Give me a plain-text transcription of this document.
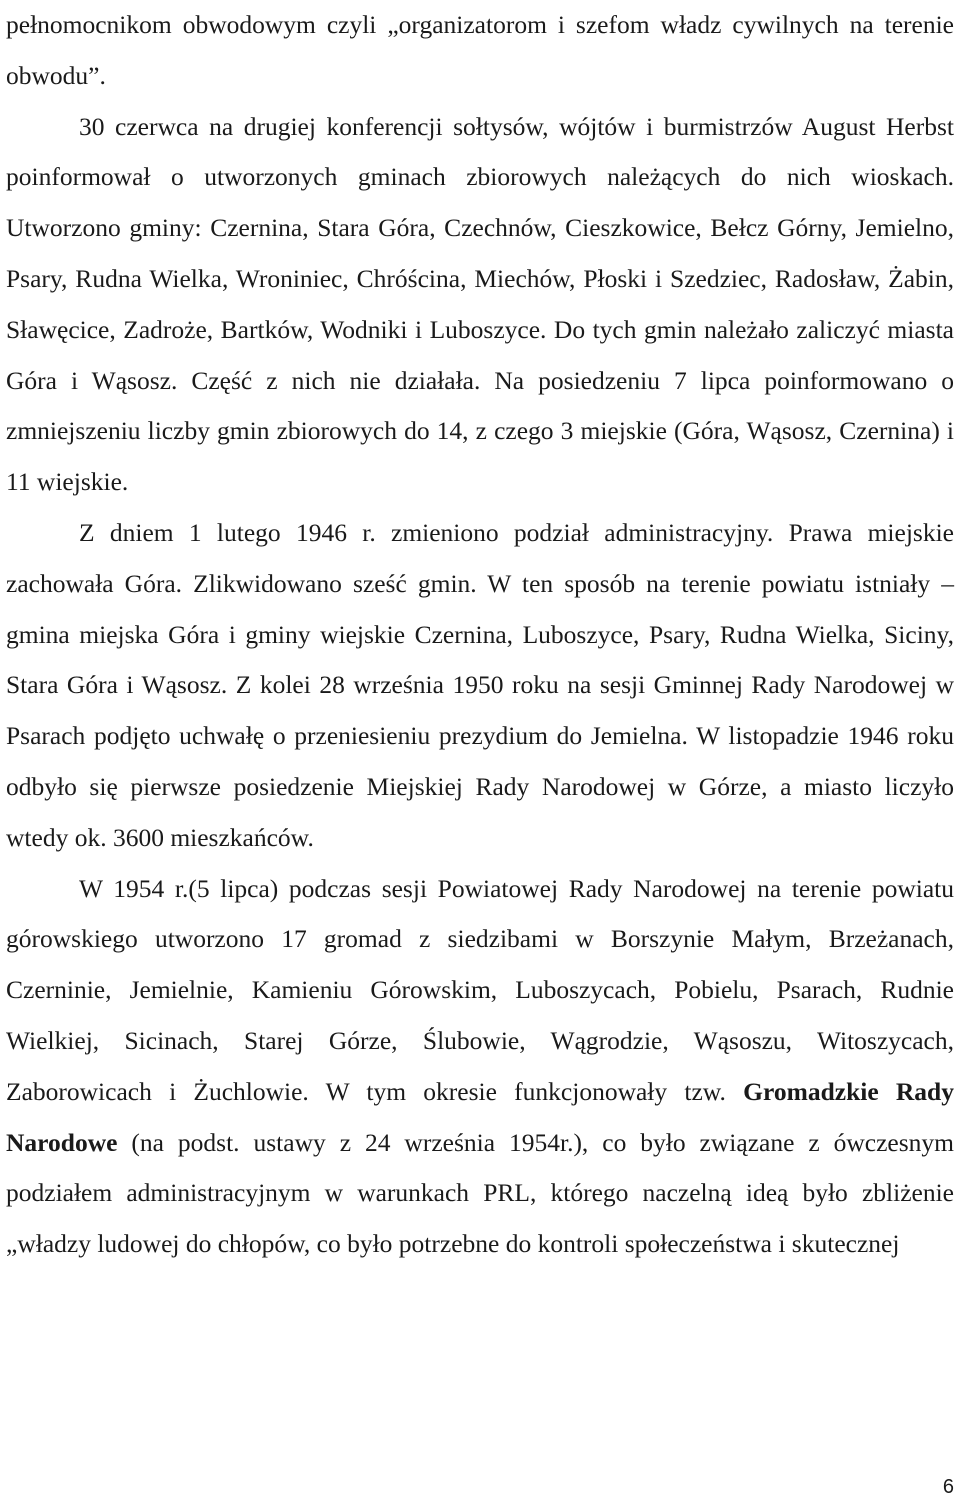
pełnomocnikom obwodowym czyli „organizatorom i szefom władz cywilnych na terenie obwodu”.

30 czerwca na drugiej konferencji sołtysów, wójtów i burmistrzów August Herbst poinformował o utworzonych gminach zbiorowych należących do nich wioskach. Utworzono gminy: Czernina, Stara Góra, Czechnów, Cieszkowice, Bełcz Górny, Jemielno, Psary, Rudna Wielka, Wroniniec, Chróścina, Miechów, Płoski i Szedziec, Radosław, Żabin, Sławęcice, Zadroże, Bartków, Wodniki i Luboszyce. Do tych gmin należało zaliczyć miasta Góra i Wąsosz. Część z nich nie działała. Na posiedzeniu 7 lipca poinformowano o zmniejszeniu liczby gmin zbiorowych do 14, z czego 3 miejskie (Góra, Wąsosz, Czernina) i 11 wiejskie.

Z dniem 1 lutego 1946 r. zmieniono podział administracyjny. Prawa miejskie zachowała Góra. Zlikwidowano sześć gmin. W ten sposób na terenie powiatu istniały – gmina miejska Góra i gminy wiejskie Czernina, Luboszyce, Psary, Rudna Wielka, Siciny, Stara Góra i Wąsosz. Z kolei 28 września 1950 roku na sesji Gminnej Rady Narodowej w Psarach podjęto uchwałę o przeniesieniu prezydium do Jemielna. W listopadzie 1946 roku odbyło się pierwsze posiedzenie Miejskiej Rady Narodowej w Górze, a miasto liczyło wtedy ok. 3600 mieszkańców.

W 1954 r.(5 lipca) podczas sesji Powiatowej Rady Narodowej na terenie powiatu górowskiego utworzono 17 gromad z siedzibami w Borszynie Małym, Brzeżanach, Czerninie, Jemielnie, Kamieniu Górowskim, Luboszycach, Pobielu, Psarach, Rudnie Wielkiej, Sicinach, Starej Górze, Ślubowie, Wągrodzie, Wąsoszu, Witoszycach, Zaborowicach i Żuchlowie. W tym okresie funkcjonowały tzw. Gromadzkie Rady Narodowe (na podst. ustawy z 24 września 1954r.), co było związane z ówczesnym podziałem administracyjnym w warunkach PRL, którego naczelną ideą było zbliżenie „władzy ludowej do chłopów, co było potrzebne do kontroli społeczeństwa i skutecznej

6
